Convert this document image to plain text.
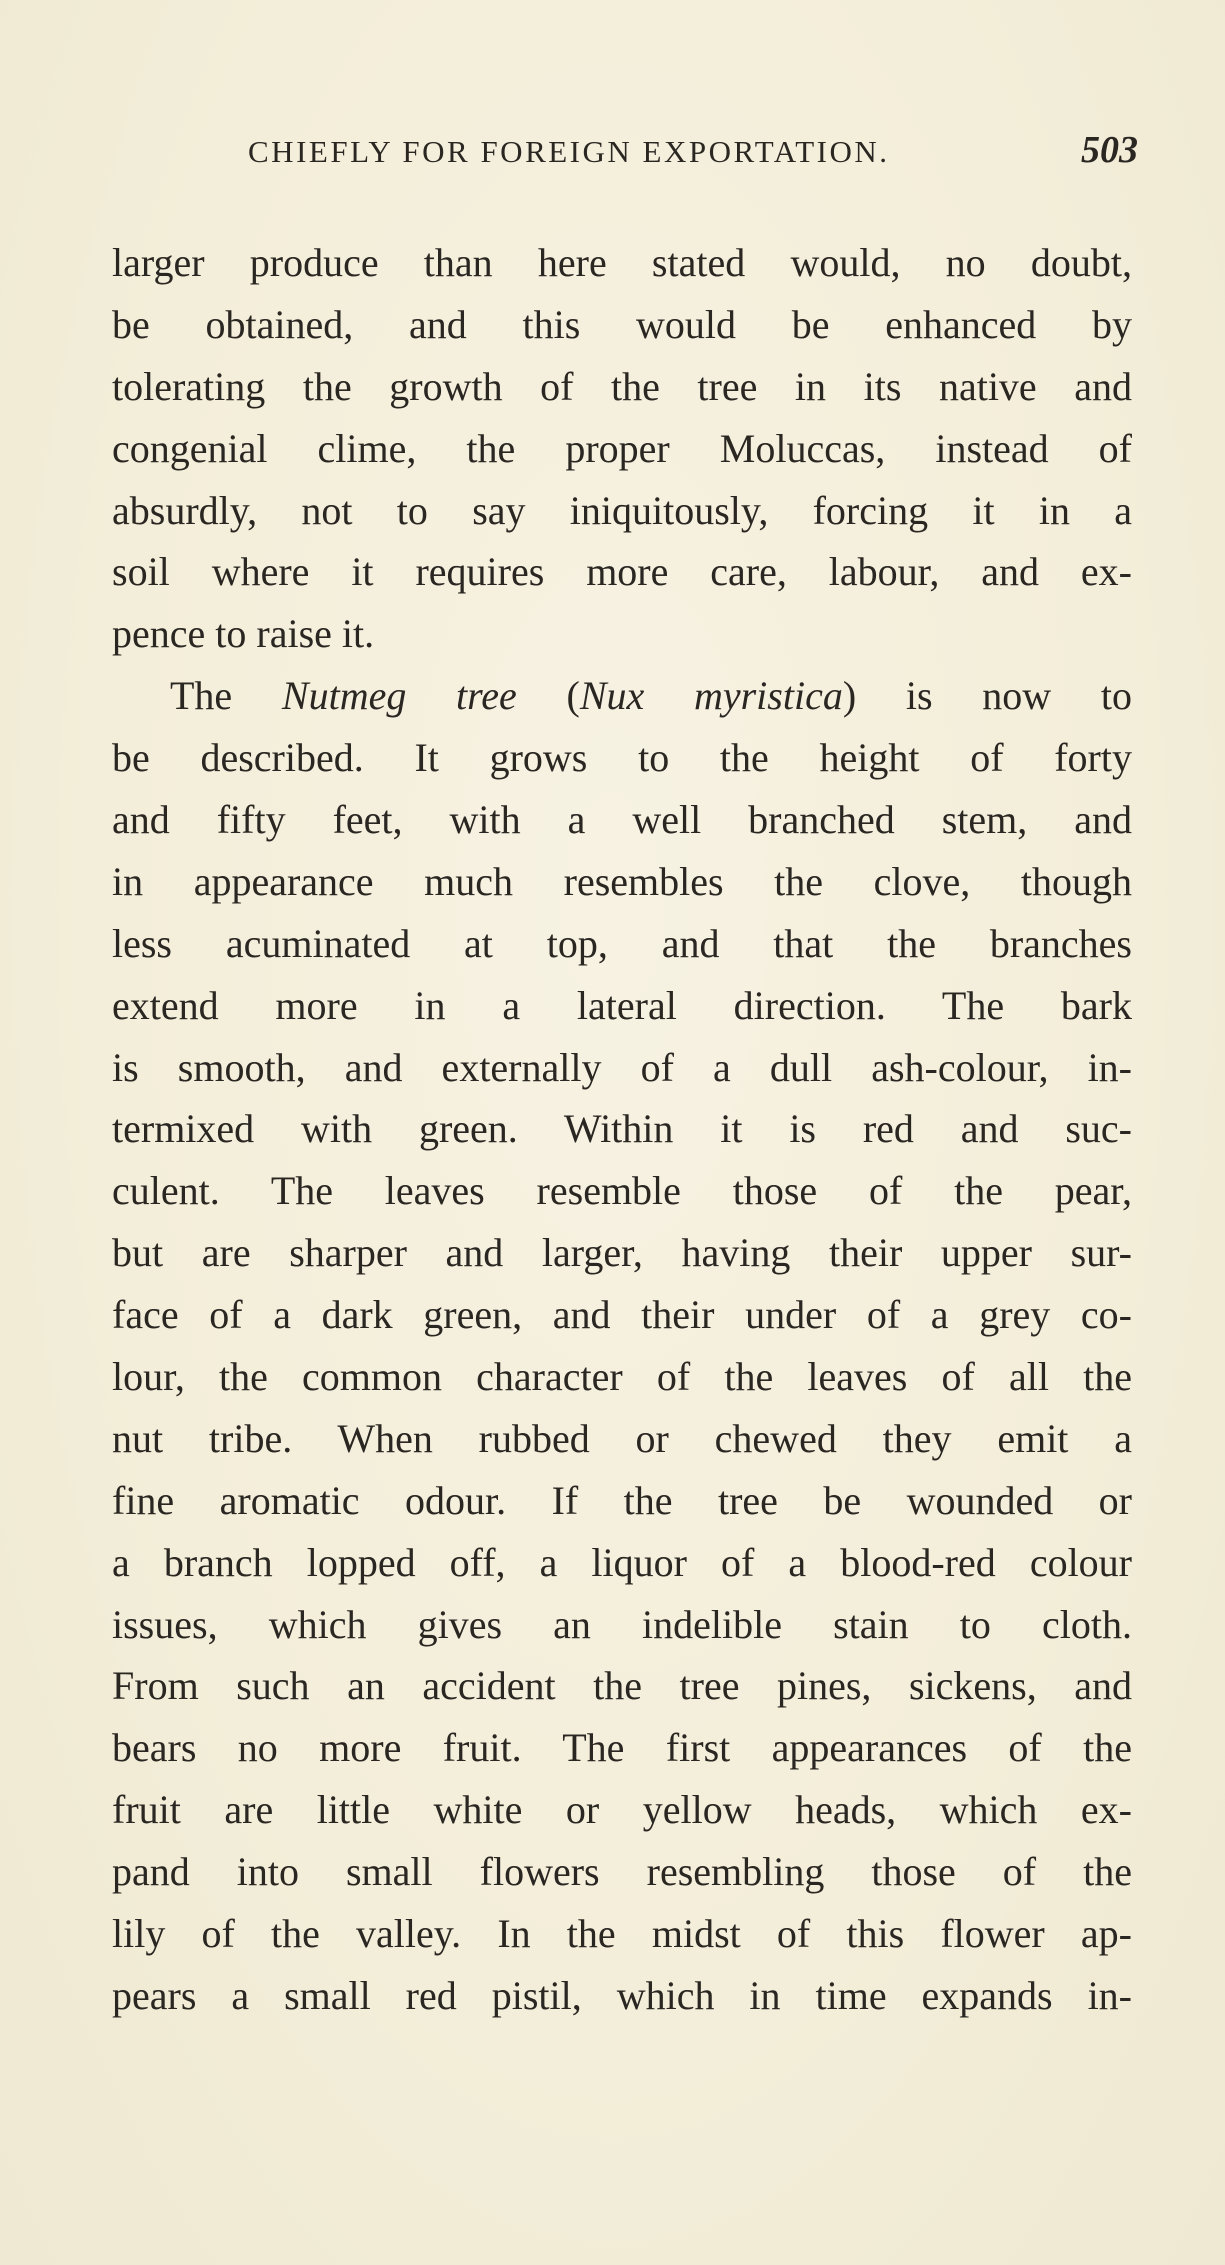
CHIEFLY FOR FOREIGN EXPORTATION.	503
larger produce than here stated would, no doubt,
be obtained, and this would be enhanced by
tolerating the growth of the tree in its native and
congenial clime, the proper Moluccas, instead of
absurdly, not to say iniquitously, forcing it in a
soil where it requires more care, labour, and ex-
pence to raise it.
The Nutmeg tree (Nux myristica) is now to
be described. It grows to the height of forty
and fifty feet, with a well branched stem, and
in appearance much resembles the clove, though
less acuminated at top, and that the branches
extend more in a lateral direction. The bark
is smooth, and externally of a dull ash-colour, in-
termixed with green. Within it is red and suc-
culent. The leaves resemble those of the pear,
but are sharper and larger, having their upper sur-
face of a dark green, and their under of a grey co-
lour, the common character of the leaves of all the
nut tribe. When rubbed or chewed they emit a
fine aromatic odour. If the tree be wounded or
a branch lopped off, a liquor of a blood-red colour
issues, which gives an indelible stain to cloth.
From such an accident the tree pines, sickens, and
bears no more fruit. The first appearances of the
fruit are little white or yellow heads, which ex-
pand into small flowers resembling those of the
lily of the valley. In the midst of this flower ap-
pears a small red pistil, which in time expands in-
